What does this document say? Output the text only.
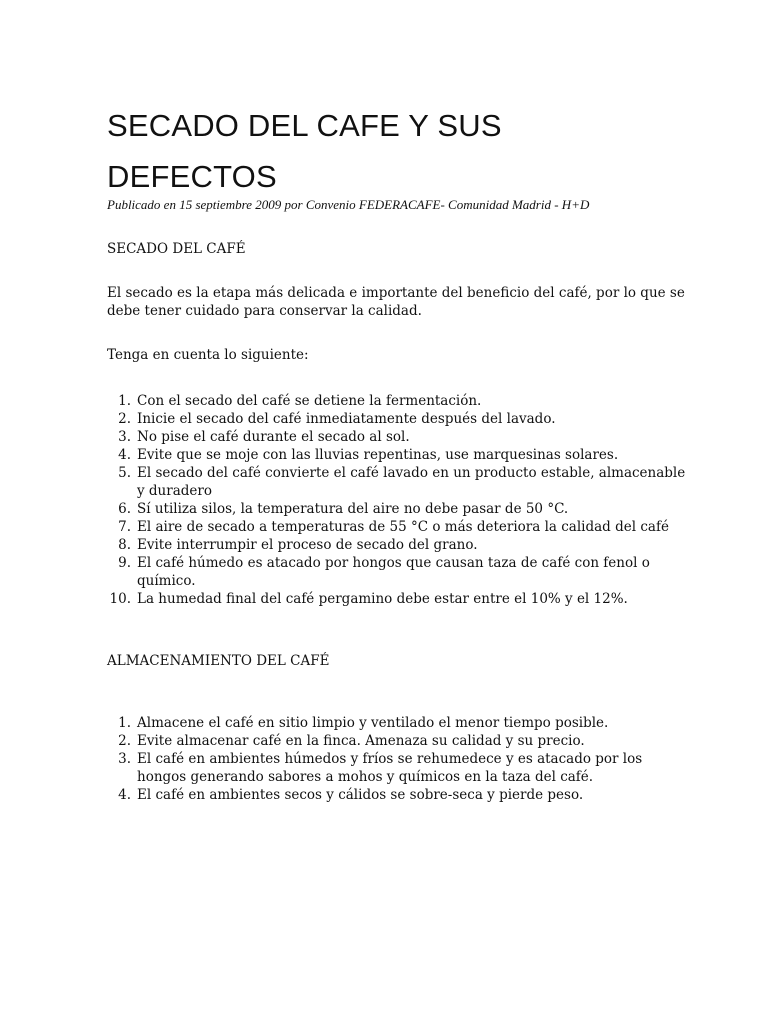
SECADO DEL CAFE Y SUS
DEFECTOS

Publicado en 15 septiembre 2009 por Convenio FEDERACAFE- Comunidad Madrid - H+D

SECADO DEL CAFÉ

El secado es la etapa más delicada e importante del beneficio del café, por lo que se debe tener cuidado para conservar la calidad.

Tenga en cuenta lo siguiente:

1. Con el secado del café se detiene la fermentación.
2. Inicie el secado del café inmediatamente después del lavado.
3. No pise el café durante el secado al sol.
4. Evite que se moje con las lluvias repentinas, use marquesinas solares.
5. El secado del café convierte el café lavado en un producto estable, almacenable y duradero
6. Sí utiliza silos, la temperatura del aire no debe pasar de 50 °C.
7. El aire de secado a temperaturas de 55 °C o más deteriora la calidad del café
8. Evite interrumpir el proceso de secado del grano.
9. El café húmedo es atacado por hongos que causan taza de café con fenol o químico.
10. La humedad final del café pergamino debe estar entre el 10% y el 12%.
ALMACENAMIENTO DEL CAFÉ
1. Almacene el café en sitio limpio y ventilado el menor tiempo posible.
2. Evite almacenar café en la finca. Amenaza su calidad y su precio.
3. El café en ambientes húmedos y fríos se rehumedece y es atacado por los hongos generando sabores a mohos y químicos en la taza del café.
4. El café en ambientes secos y cálidos se sobre-seca y pierde peso.
